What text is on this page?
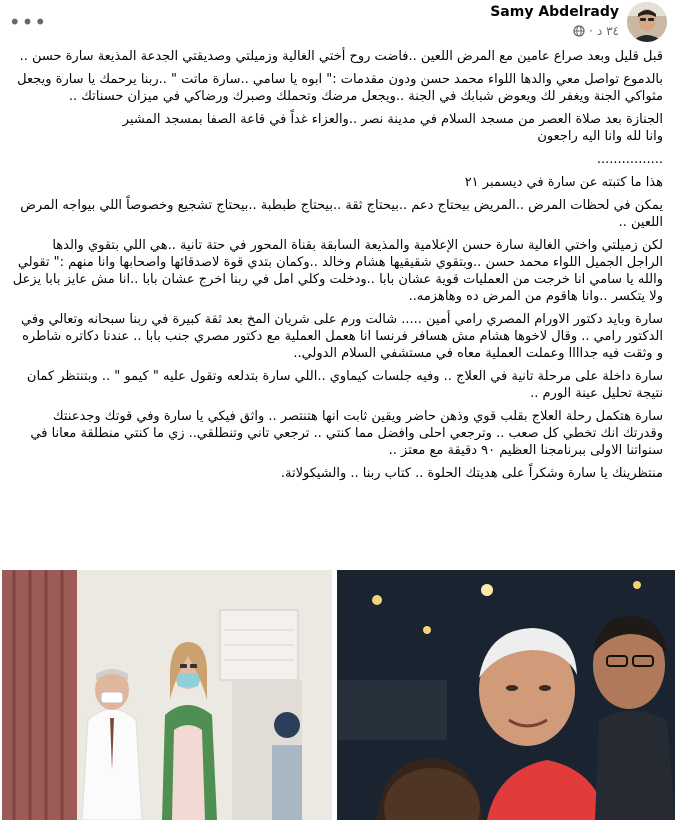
•••	Samy Abdelrady
٣٤ د
·

قبل قليل وبعد صراع عامين مع المرض اللعين ..فاضت روح أختي الغالية وزميلتي وصديقتي الجدعة المذيعة سارة حسن ..

بالدموع تواصل معي والدها اللواء محمد حسن ودون مقدمات :" ابوه يا سامي ..سارة ماتت " ..ربنا يرحمك يا سارة ويجعل مثواكي الجنة ويغفر لك ويعوض شبابك في الجنة ..ويجعل مرضك وتحملك وصبرك ورضاكي في ميزان حسناتك ..

الجنازة بعد صلاة العصر من مسجد السلام في مدينة نصر ..والعزاء غداً في قاعة الصفا بمسجد المشير

وانا لله وانا اليه راجعون

................

هذا ما كتبته عن سارة في ديسمبر ٢١

يمكن في لحظات المرض ..المريض بيحتاج دعم ..بيحتاج ثقة ..بيحتاج طبطبة ..بيحتاج تشجيع وخصوصاً اللي بيواجه المرض اللعين ..

لكن زميلتي واختي الغالية سارة حسن الإعلامية والمذيعة السابقة بقناة المحور في حتة تانية ..هي اللي بتقوي والدها الراجل الجميل اللواء محمد حسن ..وبتقوي شقيقيها هشام وخالد ..وكمان بتدي قوة لاصدقائها واصحابها وانا منهم :" تقولي والله يا سامي انا خرجت من العمليات قوية عشان بابا ..ودخلت وكلي امل في ربنا اخرج عشان بابا ..انا مش عايز بابا يزعل ولا يتكسر ..وانا هاقوم من المرض ده وهاهزمه..

سارة وبايد دكتور الاورام المصري رامي أمين ..... شالت ورم على شريان المخ بعد ثقة كبيرة في ربنا سبحانه وتعالي وفي الدكتور رامي .. وقال لاخوها هشام مش هسافر فرنسا انا هعمل العملية مع دكتور مصري جنب بابا .. عندنا دكاتره شاطره و وثقت فيه جداااا وعملت العملية معاه في مستشفي السلام الدولي..

سارة داخلة على مرحلة تانية في العلاج .. وفيه جلسات كيماوي ..اللي سارة بتدلعه وتقول عليه " كيمو " .. وبتنتظر كمان نتيجة تحليل عينة الورم ..

سارة هتكمل رحلة العلاج بقلب قوي وذهن حاضر ويقين ثابت انها هتنتصر .. واثق فيكي يا سارة وفي قوتك وجدعنتك وقدرتك انك تخطي كل صعب .. وترجعي احلى وافضل مما كنتي .. ترجعي تاني وتنطلقي.. زي ما كنتي منطلقة معانا في سنواتنا الاولى ببرنامجنا العظيم ٩٠ دقيقة مع معتز ..

منتظرينك يا سارة وشكراً على هديتك الحلوة .. كتاب ربنا .. والشيكولاتة.
